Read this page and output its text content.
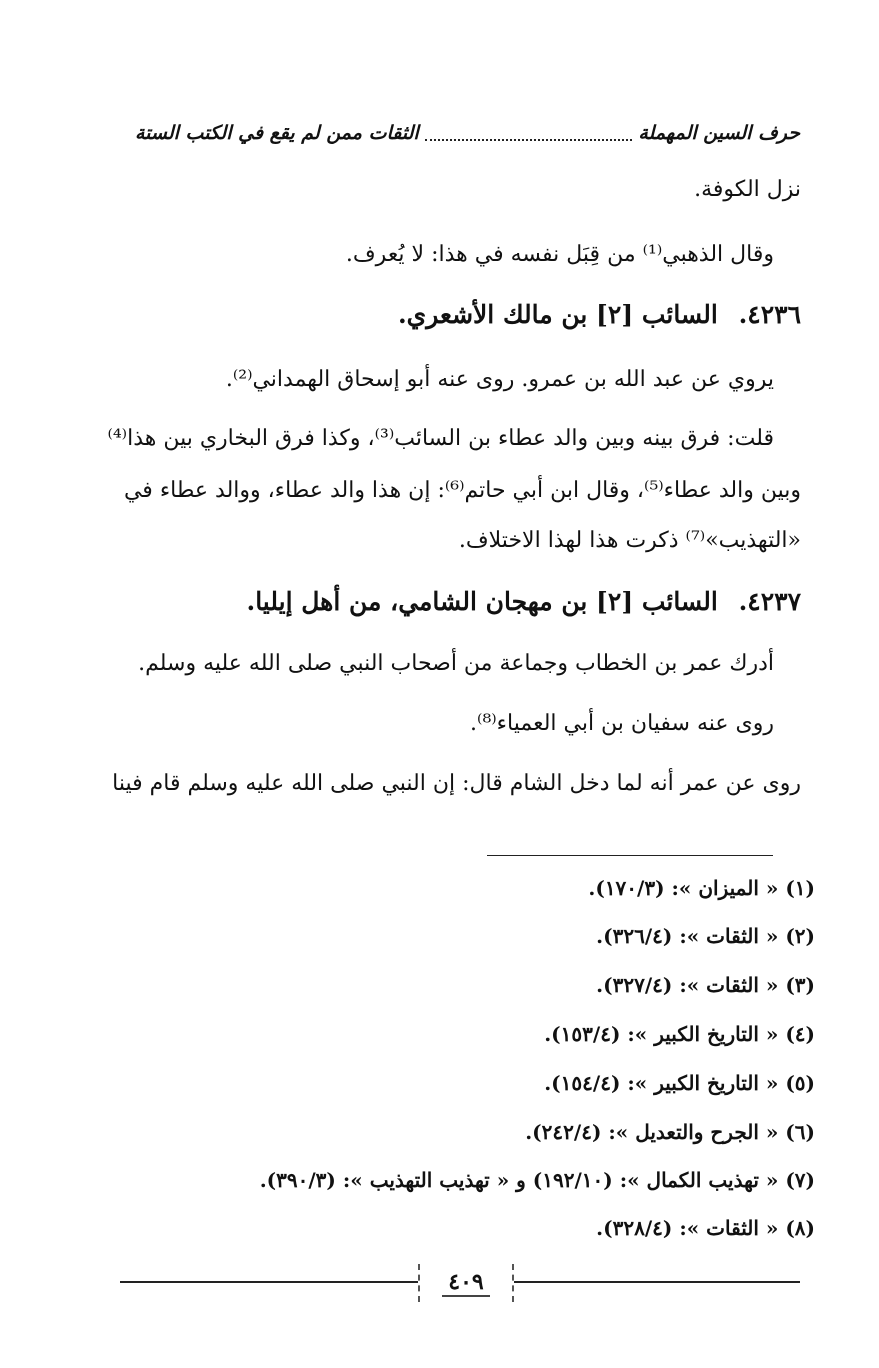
حرف السين المهملة
الثقات ممن لم يقع في الكتب الستة
نزل الكوفة.
وقال الذهبي⁽¹⁾ من قِبَل نفسه في هذا: لا يُعرف.
٤٢٣٦. السائب [٢] بن مالك الأشعري.
يروي عن عبد الله بن عمرو. روى عنه أبو إسحاق الهمداني⁽²⁾.
قلت: فرق بينه وبين والد عطاء بن السائب⁽³⁾، وكذا فرق البخاري بين هذا⁽⁴⁾
وبين والد عطاء⁽⁵⁾، وقال ابن أبي حاتم⁽⁶⁾: إن هذا والد عطاء، ووالد عطاء في
«التهذيب»⁽⁷⁾ ذكرت هذا لهذا الاختلاف.
٤٢٣٧. السائب [٢] بن مهجان الشامي، من أهل إيليا.
أدرك عمر بن الخطاب وجماعة من أصحاب النبي صلى الله عليه وسلم.
روى عنه سفيان بن أبي العمياء⁽⁸⁾.
روى عن عمر أنه لما دخل الشام قال: إن النبي صلى الله عليه وسلم قام فينا
(١) « الميزان »: (١٧٠/٣).
(٢) « الثقات »: (٣٢٦/٤).
(٣) « الثقات »: (٣٢٧/٤).
(٤) « التاريخ الكبير »: (١٥٣/٤).
(٥) « التاريخ الكبير »: (١٥٤/٤).
(٦) « الجرح والتعديل »: (٢٤٢/٤).
(٧) « تهذيب الكمال »: (١٩٢/١٠) و « تهذيب التهذيب »: (٣٩٠/٣).
(٨) « الثقات »: (٣٢٨/٤).
٤٠٩
